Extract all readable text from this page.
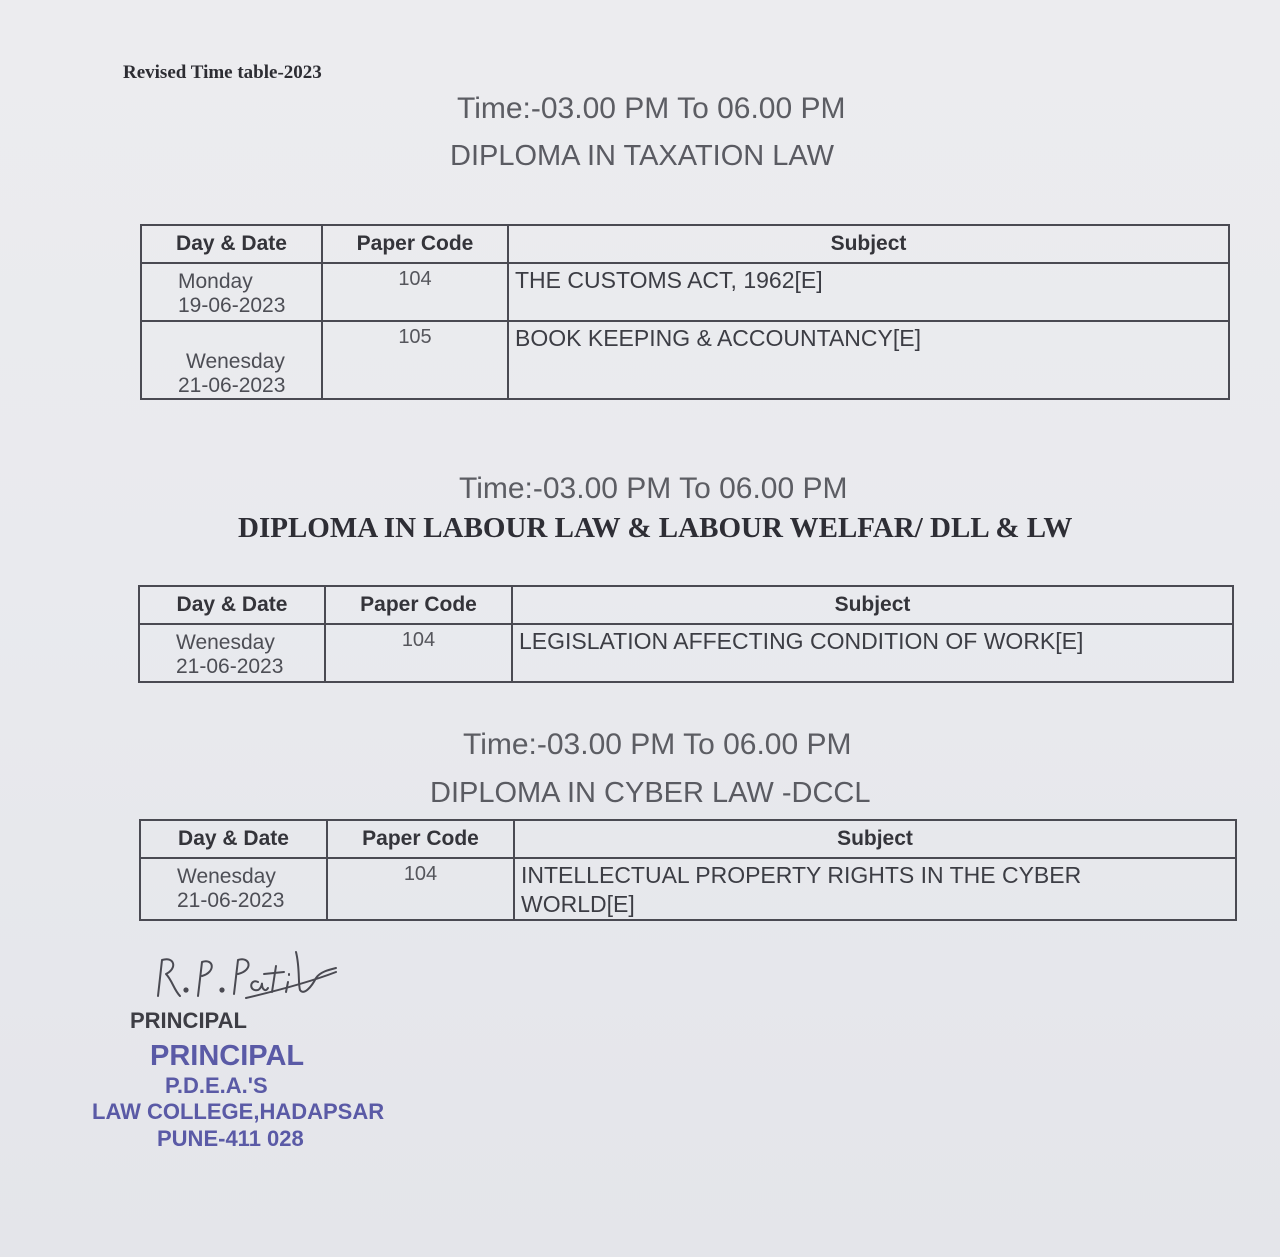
Revised Time table-2023
Time:-03.00 PM To 06.00 PM
DIPLOMA IN TAXATION LAW
Day & Date	Paper Code	Subject

Monday
19-06-2023	104	THE CUSTOMS ACT, 1962[E]

Wenesday
21-06-2023	105	BOOK KEEPING & ACCOUNTANCY[E]
Time:-03.00 PM To 06.00 PM
DIPLOMA IN LABOUR LAW & LABOUR WELFAR/ DLL & LW
Day & Date	Paper Code	Subject

Wenesday
21-06-2023	104	LEGISLATION AFFECTING CONDITION OF WORK[E]
Time:-03.00 PM To 06.00 PM
DIPLOMA IN CYBER LAW -DCCL
Day & Date	Paper Code	Subject

Wenesday
21-06-2023	104	INTELLECTUAL PROPERTY RIGHTS IN THE CYBER WORLD[E]
PRINCIPAL
PRINCIPAL
P.D.E.A.'S
LAW COLLEGE,HADAPSAR
PUNE-411 028
